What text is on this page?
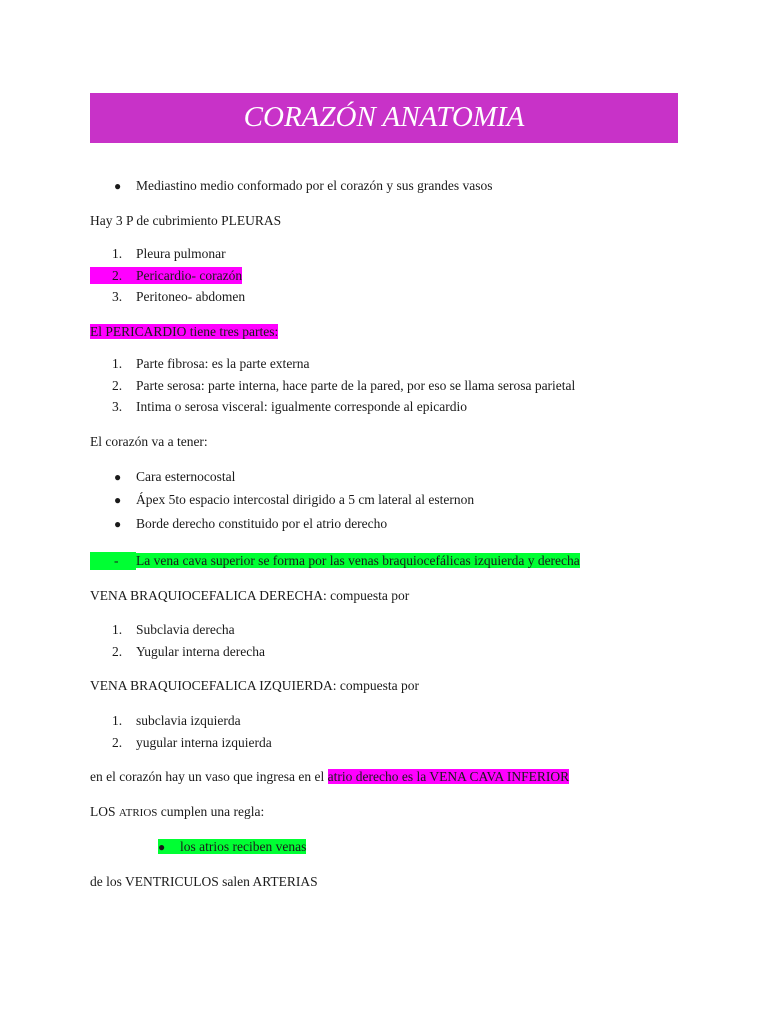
CORAZÓN ANATOMIA
●	Mediastino medio conformado por el corazón y sus grandes vasos

Hay 3 P de cubrimiento PLEURAS

1.	Pleura pulmonar
2.	Pericardio- corazón
3.	Peritoneo- abdomen

El PERICARDIO tiene tres partes:

1.	Parte fibrosa: es la parte externa
2.	Parte serosa: parte interna, hace parte de la pared, por eso se llama serosa parietal
3.	Intima o serosa visceral: igualmente corresponde al epicardio

El corazón va a tener:

●	Cara esternocostal
●	Ápex 5to espacio intercostal dirigido a 5 cm lateral al esternon
●	Borde derecho constituido por el atrio derecho

- La vena cava superior se forma por las venas braquiocefálicas izquierda y derecha

VENA BRAQUIOCEFALICA DERECHA: compuesta por

1.	Subclavia derecha
2.	Yugular interna derecha

VENA BRAQUIOCEFALICA IZQUIERDA: compuesta por

1.	subclavia izquierda
2.	yugular interna izquierda

en el corazón hay un vaso que ingresa en el atrio derecho es la VENA CAVA INFERIOR

LOS ATRIOS cumplen una regla:

● los atrios reciben venas

de los VENTRICULOS salen ARTERIAS
